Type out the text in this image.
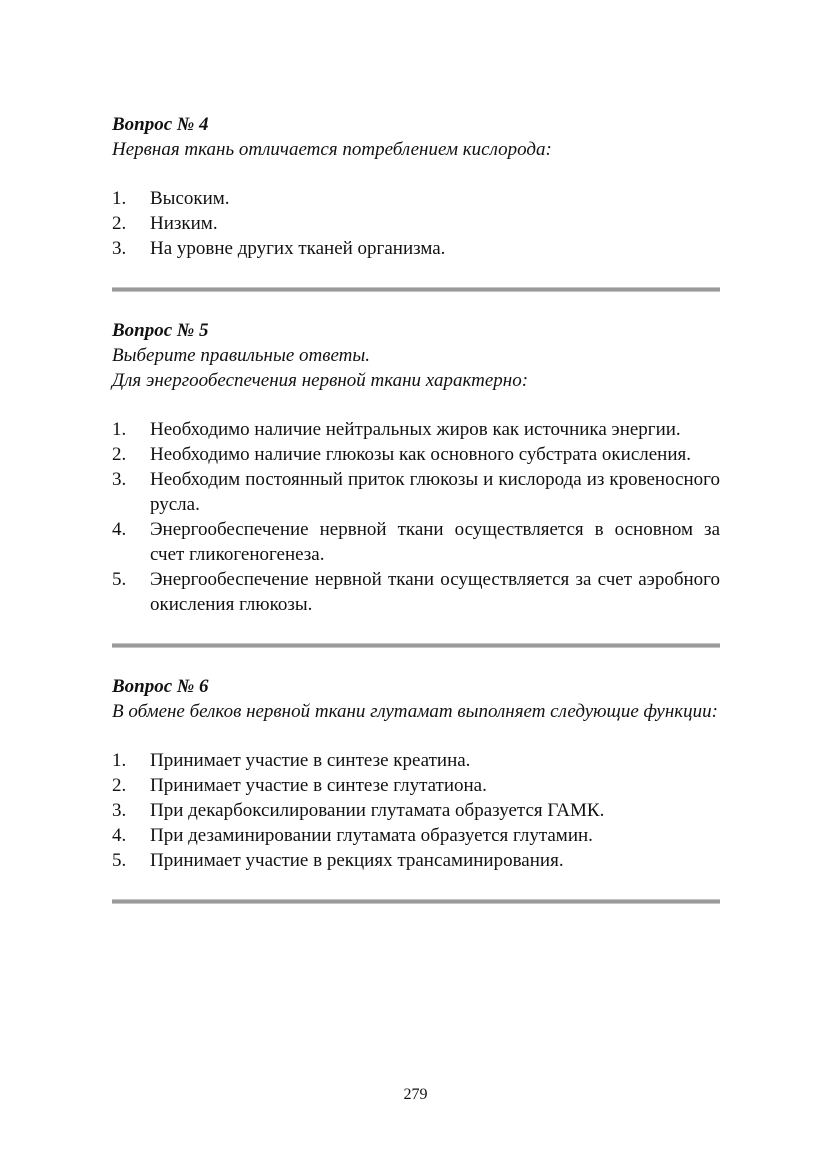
Вопрос № 4

Нервная ткань отличается потреблением кислорода:

1. Высоким.
2. Низким.
3. На уровне других тканей организма.

Вопрос № 5

Выберите правильные ответы.

Для энергообеспечения нервной ткани характерно:

1. Необходимо наличие нейтральных жиров как источника энергии.
2. Необходимо наличие глюкозы как основного субстрата окисления.
3. Необходим постоянный приток глюкозы и кислорода из кровеносного русла.
4. Энергообеспечение нервной ткани осуществляется в основном за счет гликогеногенеза.
5. Энергообеспечение нервной ткани осуществляется за счет аэробного окисления глюкозы.

Вопрос № 6

В обмене белков нервной ткани глутамат выполняет следующие функции:

1. Принимает участие в синтезе креатина.
2. Принимает участие в синтезе глутатиона.
3. При декарбоксилировании глутамата образуется ГАМК.
4. При дезаминировании глутамата образуется глутамин.
5. Принимает участие в рекциях трансаминирования.
279
